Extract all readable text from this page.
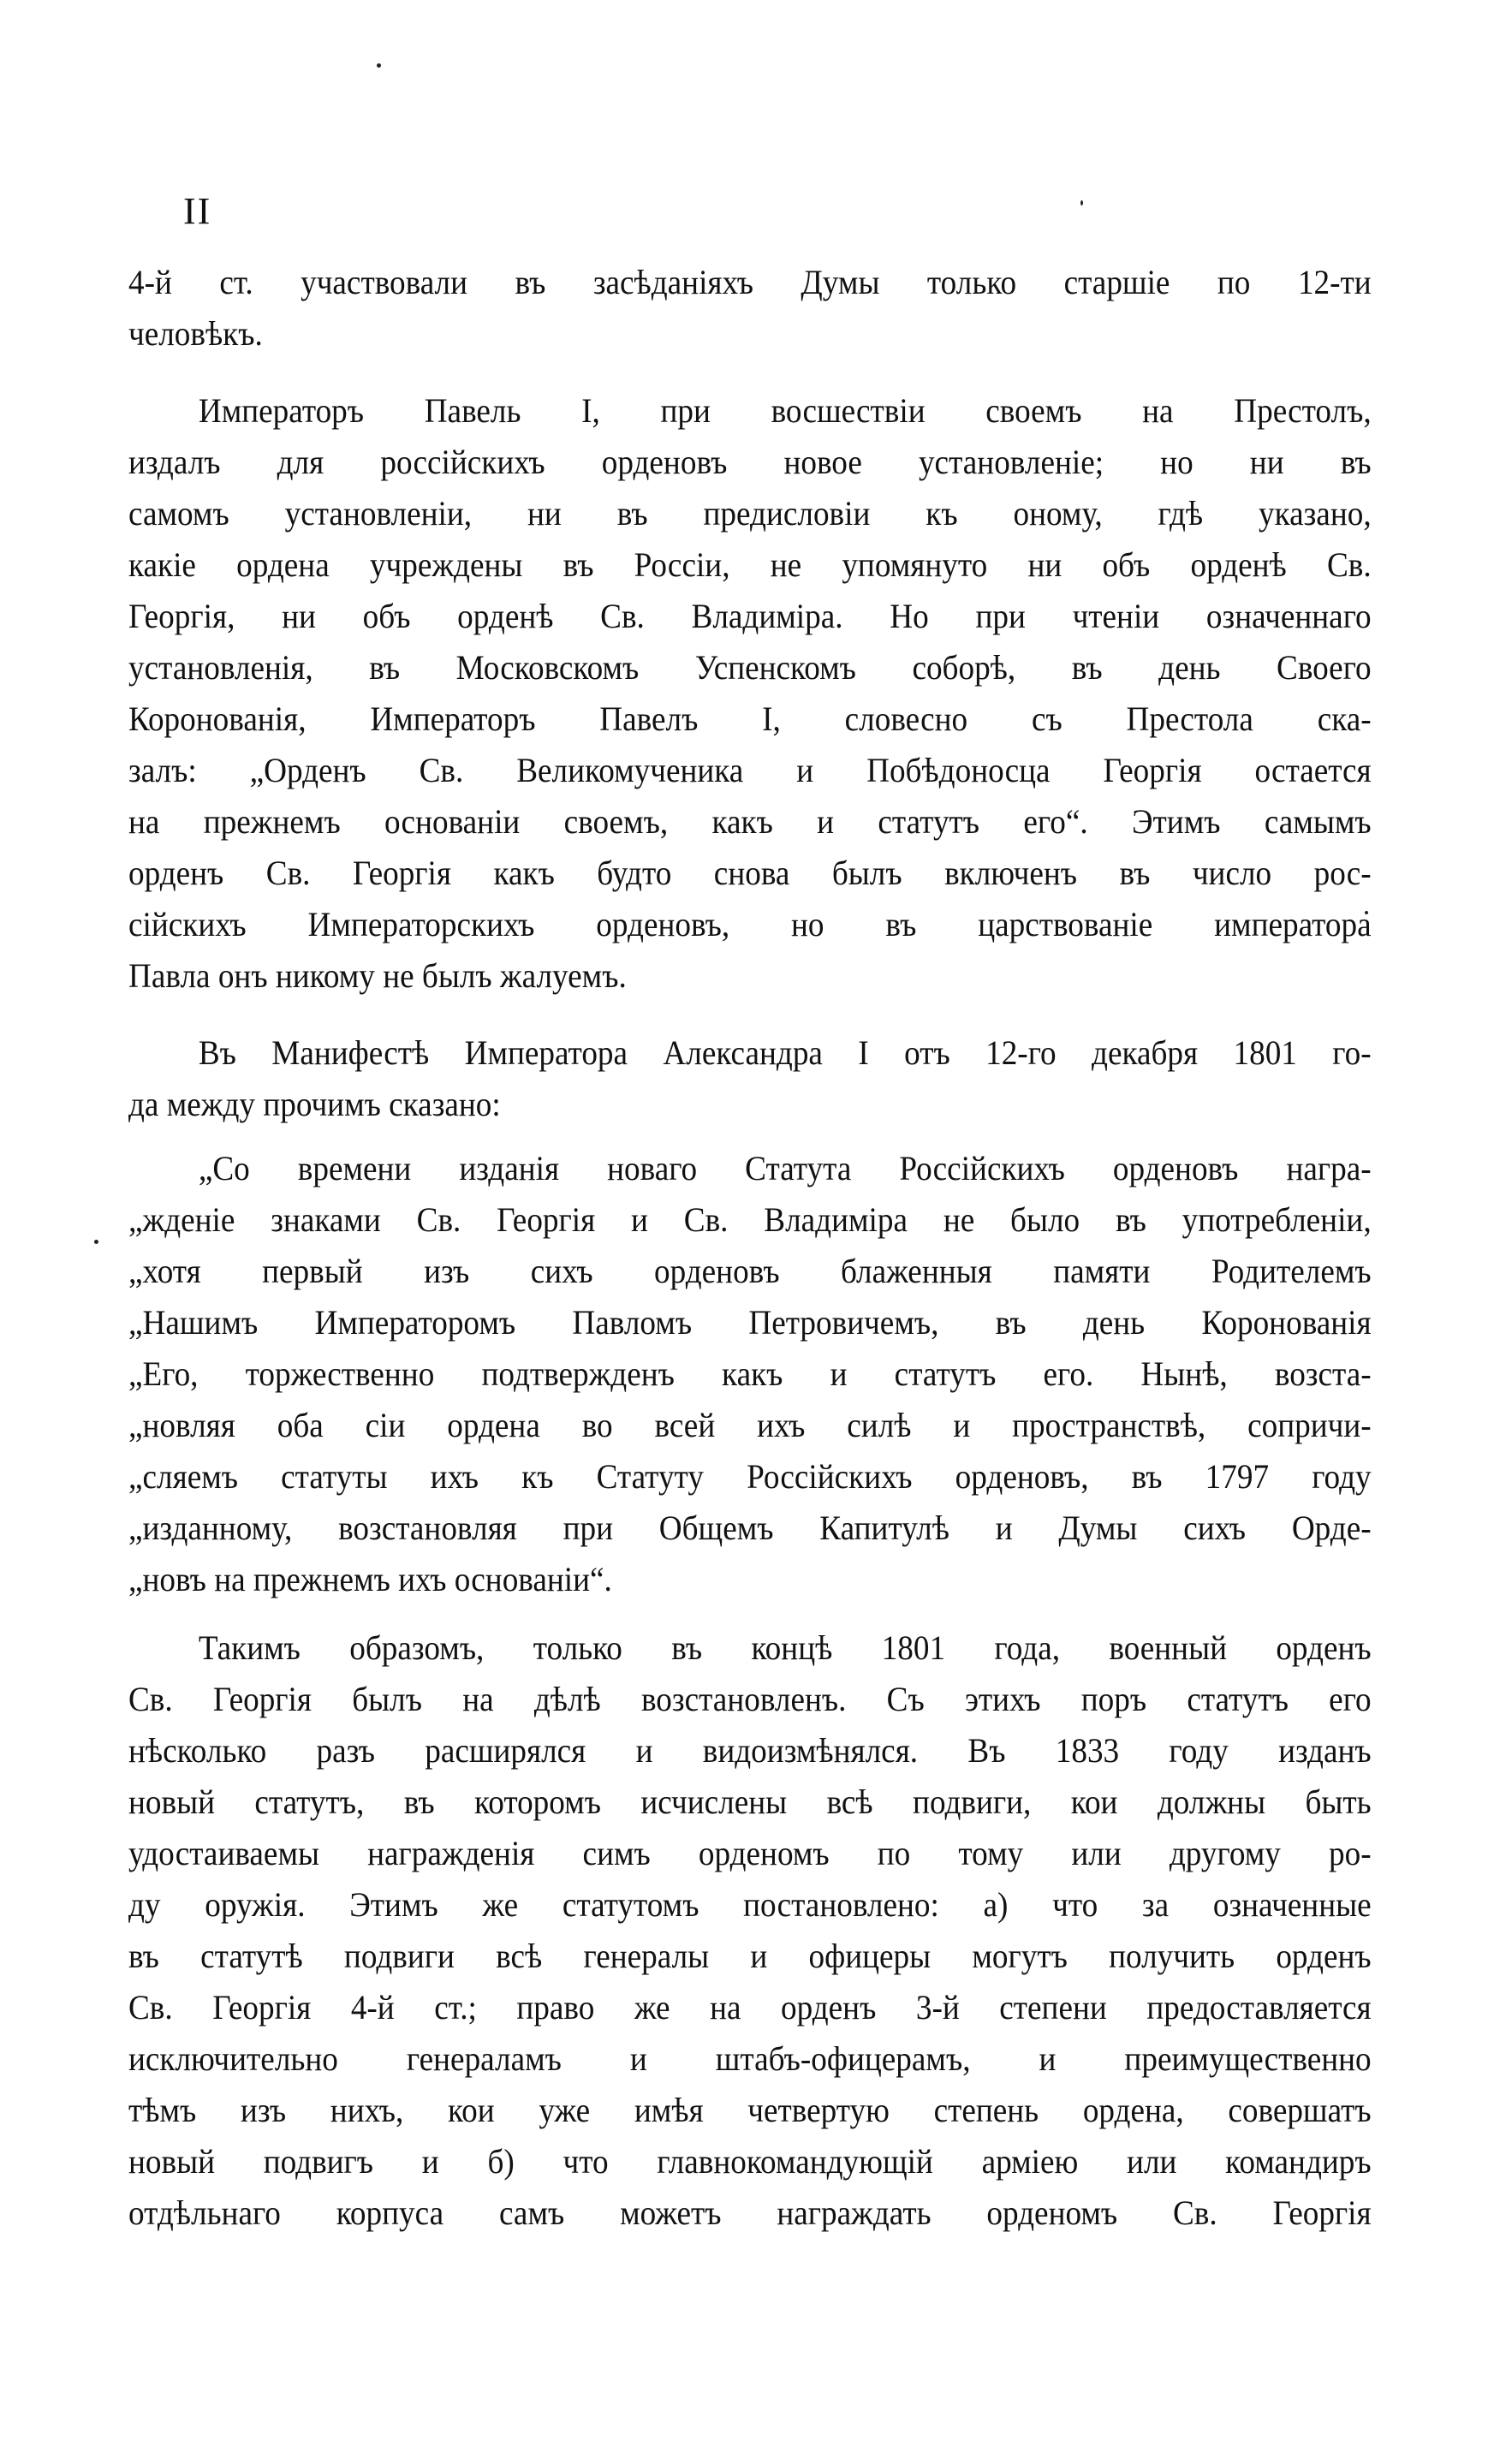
II
4-й ст. участвовали въ засѣданіяхъ Думы только старшіе по 12-ти
человѣкъ.
Императоръ Павель I, при восшествіи своемъ на Престолъ,
издалъ для россійскихъ орденовъ новое установленіе; но ни въ
самомъ установленіи, ни въ предисловіи къ оному, гдѣ указано,
какіе ордена учреждены въ Россіи, не упомянуто ни объ орденѣ Св.
Георгія, ни объ орденѣ Св. Владиміра. Но при чтеніи означеннаго
установленія, въ Московскомъ Успенскомъ соборѣ, въ день Своего
Коронованія, Императоръ Павелъ I, словесно съ Престола ска-
залъ: „Орденъ Св. Великомученика и Побѣдоносца Георгія остается
на прежнемъ основаніи своемъ, какъ и статутъ его“. Этимъ самымъ
орденъ Св. Георгія какъ будто снова былъ включенъ въ число рос-
сійскихъ Императорскихъ орденовъ, но въ царствованіе императора
Павла онъ никому не былъ жалуемъ.
Въ Манифестѣ Императора Александра I отъ 12-го декабря 1801 го-
да между прочимъ сказано:
„Со времени изданія новаго Статута Россійскихъ орденовъ награ-
„жденіе знаками Св. Георгія и Св. Владиміра не было въ употребленіи,
„хотя первый изъ сихъ орденовъ блаженныя памяти Родителемъ
„Нашимъ Императоромъ Павломъ Петровичемъ, въ день Коронованія
„Его, торжественно подтвержденъ какъ и статутъ его. Нынѣ, возста-
„новляя оба сіи ордена во всей ихъ силѣ и пространствѣ, сопричи-
„сляемъ статуты ихъ къ Статуту Россійскихъ орденовъ, въ 1797 году
„изданному, возстановляя при Общемъ Капитулѣ и Думы сихъ Орде-
„новъ на прежнемъ ихъ основаніи“.
Такимъ образомъ, только въ концѣ 1801 года, военный орденъ
Св. Георгія былъ на дѣлѣ возстановленъ. Съ этихъ поръ статутъ его
нѣсколько разъ расширялся и видоизмѣнялся. Въ 1833 году изданъ
новый статутъ, въ которомъ исчислены всѣ подвиги, кои должны быть
удостаиваемы награжденія симъ орденомъ по тому или другому ро-
ду оружія. Этимъ же статутомъ постановлено: а) что за означенные
въ статутѣ подвиги всѣ генералы и офицеры могутъ получить орденъ
Св. Георгія 4-й ст.; право же на орденъ 3-й степени предоставляется
исключительно генераламъ и штабъ-офицерамъ, и преимущественно
тѣмъ изъ нихъ, кои уже имѣя четвертую степень ордена, совершатъ
новый подвигъ и б) что главнокомандующій арміею или командиръ
отдѣльнаго корпуса самъ можетъ награждать орденомъ Св. Георгія
